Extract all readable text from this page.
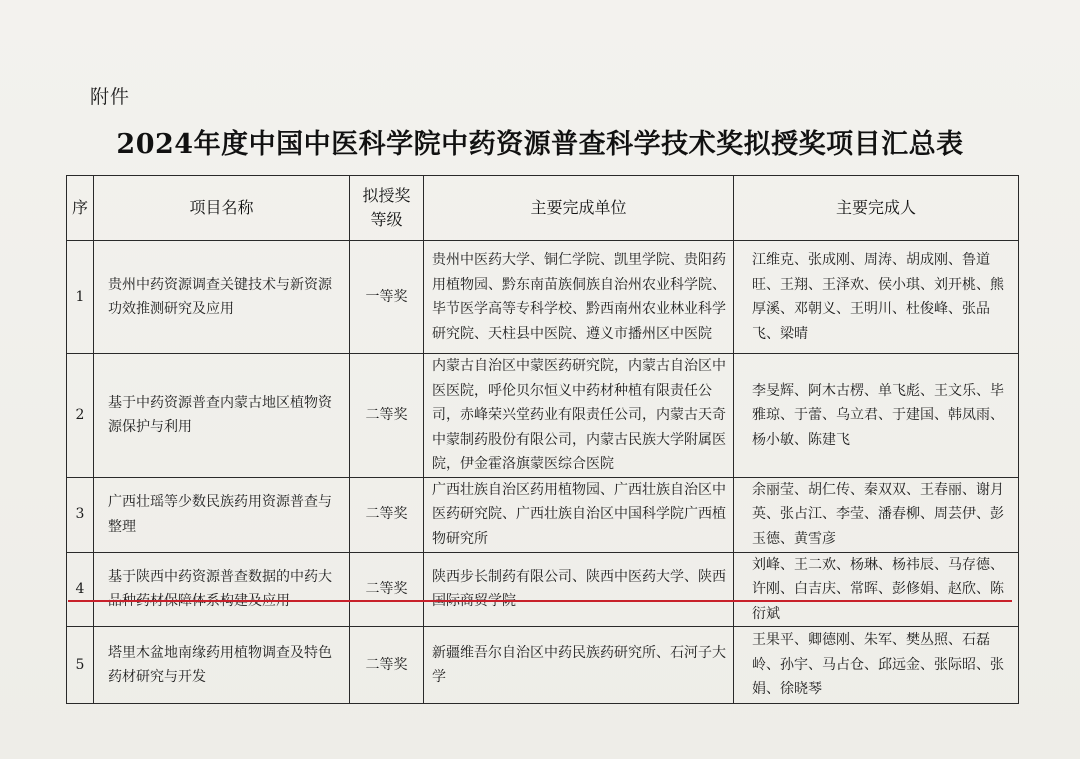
附件
2024年度中国中医科学院中药资源普查科学技术奖拟授奖项目汇总表
序	项目名称	拟授奖等级	主要完成单位	主要完成人
1	贵州中药资源调查关键技术与新资源功效推测研究及应用	一等奖	贵州中医药大学、铜仁学院、凯里学院、贵阳药用植物园、黔东南苗族侗族自治州农业科学院、毕节医学高等专科学校、黔西南州农业林业科学研究院、天柱县中医院、遵义市播州区中医院	江维克、张成刚、周涛、胡成刚、鲁道旺、王翔、王泽欢、侯小琪、刘开桃、熊厚溪、邓朝义、王明川、杜俊峰、张品飞、梁晴
2	基于中药资源普查内蒙古地区植物资源保护与利用	二等奖	内蒙古自治区中蒙医药研究院，内蒙古自治区中医医院，呼伦贝尔恒义中药材种植有限责任公司，赤峰荣兴堂药业有限责任公司，内蒙古天奇中蒙制药股份有限公司，内蒙古民族大学附属医院，伊金霍洛旗蒙医综合医院	李旻辉、阿木古楞、单飞彪、王文乐、毕雅琼、于蕾、乌立君、于建国、韩凤雨、杨小敏、陈建飞
3	广西壮瑶等少数民族药用资源普查与整理	二等奖	广西壮族自治区药用植物园、广西壮族自治区中医药研究院、广西壮族自治区中国科学院广西植物研究所	余丽莹、胡仁传、秦双双、王春丽、谢月英、张占江、李莹、潘春柳、周芸伊、彭玉德、黄雪彦
4	基于陕西中药资源普查数据的中药大品种药材保障体系构建及应用	二等奖	陕西步长制药有限公司、陕西中医药大学、陕西国际商贸学院	刘峰、王二欢、杨琳、杨祎辰、马存德、许刚、白吉庆、常晖、彭修娟、赵欣、陈衍斌
5	塔里木盆地南缘药用植物调查及特色药材研究与开发	二等奖	新疆维吾尔自治区中药民族药研究所、石河子大学	王果平、卿德刚、朱军、樊丛照、石磊岭、孙宇、马占仓、邱远金、张际昭、张娟、徐晓琴
